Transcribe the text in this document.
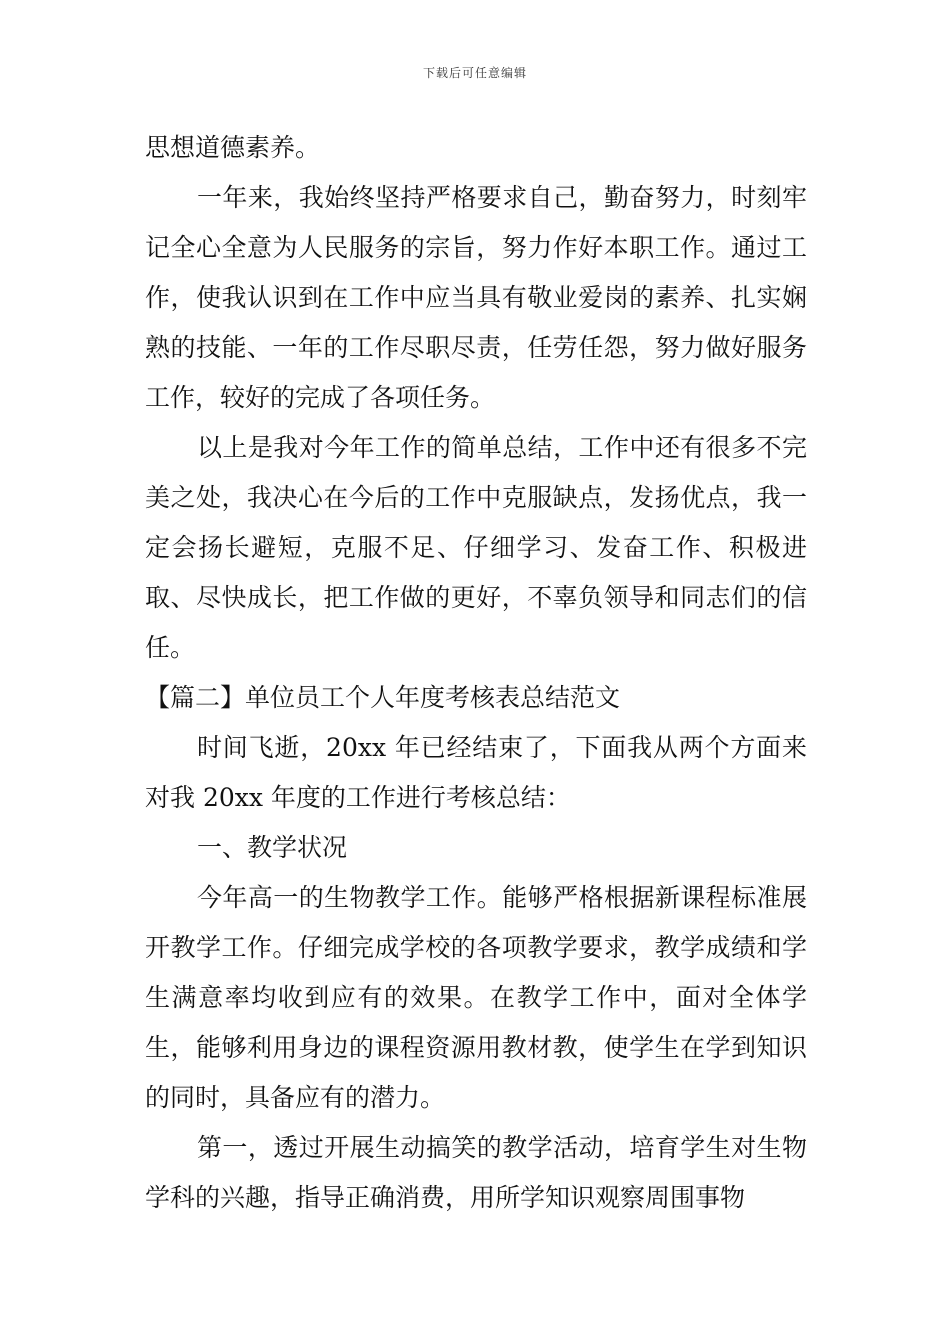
下载后可任意编辑

思想道德素养。

一年来，我始终坚持严格要求自己，勤奋努力，时刻牢记全心全意为人民服务的宗旨，努力作好本职工作。通过工作，使我认识到在工作中应当具有敬业爱岗的素养、扎实娴熟的技能、一年的工作尽职尽责，任劳任怨，努力做好服务工作，较好的完成了各项任务。

以上是我对今年工作的简单总结，工作中还有很多不完美之处，我决心在今后的工作中克服缺点，发扬优点，我一定会扬长避短，克服不足、仔细学习、发奋工作、积极进取、尽快成长，把工作做的更好，不辜负领导和同志们的信任。

【篇二】单位员工个人年度考核表总结范文

时间飞逝，20xx 年已经结束了，下面我从两个方面来对我 20xx 年度的工作进行考核总结：

一、教学状况

今年高一的生物教学工作。能够严格根据新课程标准展开教学工作。仔细完成学校的各项教学要求，教学成绩和学生满意率均收到应有的效果。在教学工作中，面对全体学生，能够利用身边的课程资源用教材教，使学生在学到知识的同时，具备应有的潜力。

第一，透过开展生动搞笑的教学活动，培育学生对生物学科的兴趣，指导正确消费，用所学知识观察周围事物
